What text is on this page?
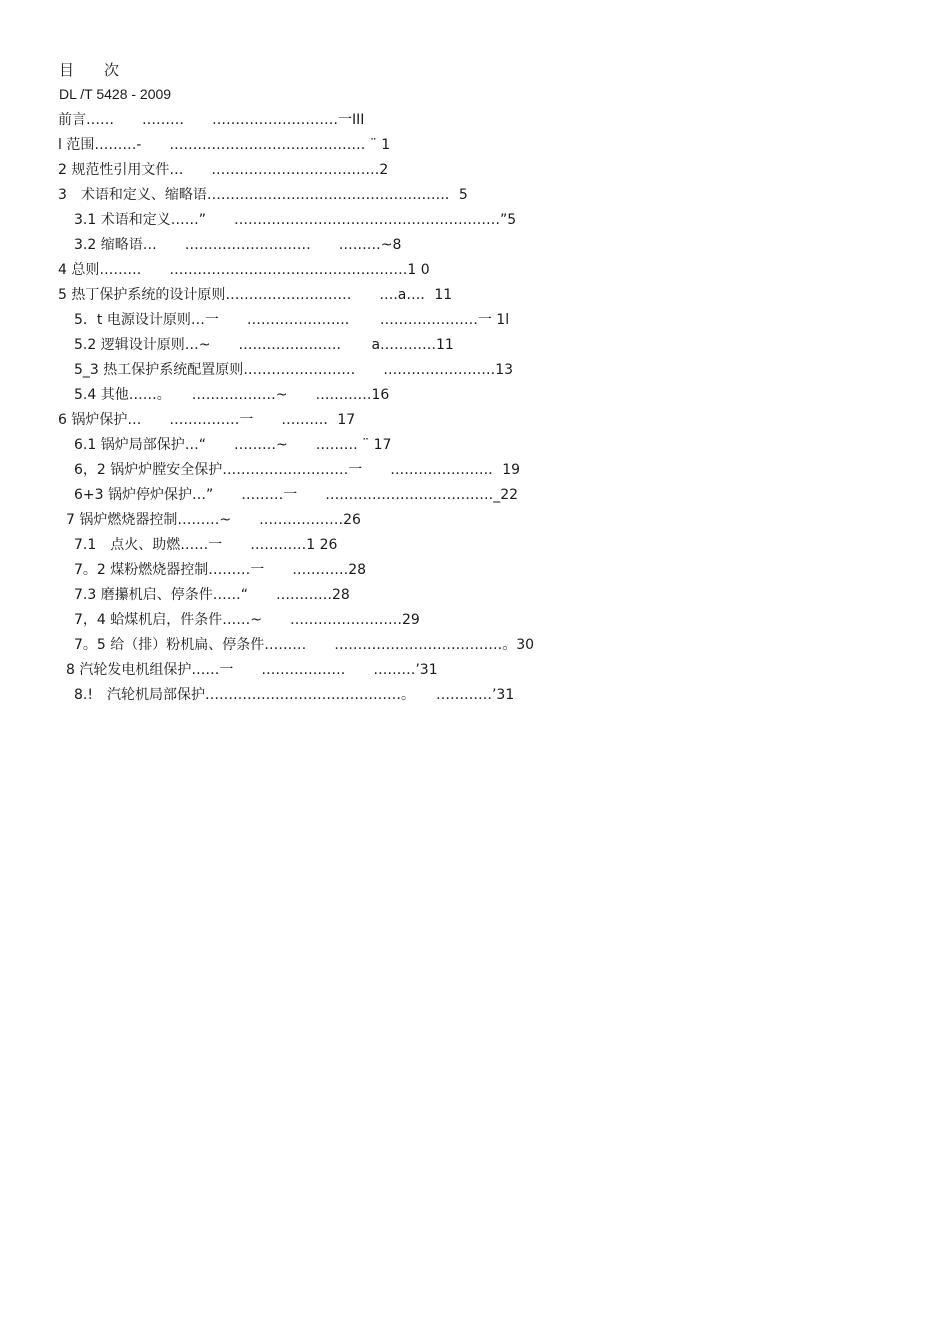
目　　次
DL /T 5428 - 2009
前言……　　………　　………………………一III
l 范围………-　　…………………………………… ¨ 1
2 规范性引用文件…　　………………………………2
3　术语和定义、缩略语……………………………………………．5
3.1 术语和定义……”　　…………………………………………………”5
3.2 缩略语…　　………………………　　………~8
4 总则………　　……………………………………………1 0
5 热丁保护系统的设计原则………………………　　….a…．11
5．t 电源设计原则…一　　…………………．　　…………………一 1l
5.2 逻辑设计原则…~　　…………………．　　a…………11
5_3 热工保护系统配置原则……………………　　……………………13
5.4 其他……。　　………………~　　…………16
6 锅炉保护…　　……………一　　………．17
6.1 锅炉局部保护…“　　………~　　……… ¨ 17
6，2 锅炉炉膛安全保护………………………一　　…………………．19
6+3 锅炉停炉保护…”　　………一　　………………………………_22
7 锅炉燃烧器控制………~　　………………26
7.1　点火、助燃……一　　…………1 26
7。2 煤粉燃烧器控制………一　　…………28
7.3 磨攥机启、停条件……“　　…………28
7，4 蛤煤机启，件条件……~　　……………………29
7。5 给（排）粉机扁、停条件………　　………………………………。30
8 汽轮发电机组保护……一　　………………　　………’31
8.!　汽轮机局部保护……………………………………。　　…………’31
